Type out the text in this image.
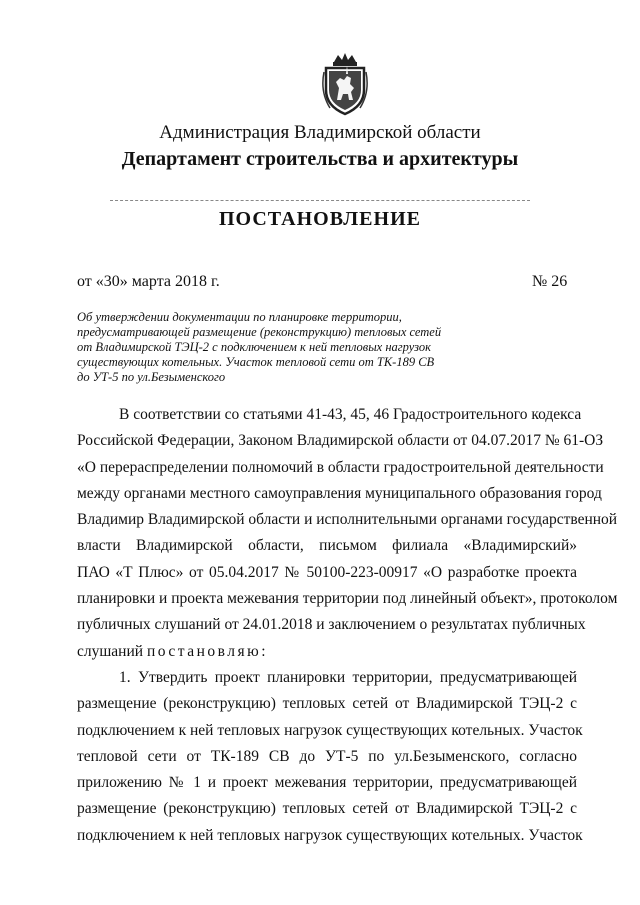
Администрация Владимирской области
Департамент строительства и архитектуры
ПОСТАНОВЛЕНИЕ
от «30» марта 2018 г.	№ 26
Об утверждении документации по планировке территории,
предусматривающей размещение (реконструкцию) тепловых сетей
от Владимирской ТЭЦ-2 с подключением к ней тепловых нагрузок
существующих котельных. Участок тепловой сети от ТК-189 СВ
до УТ-5 по ул.Безыменского
В соответствии со статьями 41-43, 45, 46 Градостроительного кодекса
Российской Федерации, Законом Владимирской области от 04.07.2017 № 61-ОЗ
«О перераспределении полномочий в области градостроительной деятельности
между органами местного самоуправления муниципального образования город
Владимир Владимирской области и исполнительными органами государственной
власти Владимирской области, письмом филиала «Владимирский»
ПАО «Т Плюс» от 05.04.2017 № 50100-223-00917 «О разработке проекта
планировки и проекта межевания территории под линейный объект», протоколом
публичных слушаний от 24.01.2018 и заключением о результатах публичных
слушаний постановляю:
1. Утвердить проект планировки территории, предусматривающей
размещение (реконструкцию) тепловых сетей от Владимирской ТЭЦ-2 с
подключением к ней тепловых нагрузок существующих котельных. Участок
тепловой сети от ТК-189 СВ до УТ-5 по ул.Безыменского, согласно
приложению № 1 и проект межевания территории, предусматривающей
размещение (реконструкцию) тепловых сетей от Владимирской ТЭЦ-2 с
подключением к ней тепловых нагрузок существующих котельных. Участок
